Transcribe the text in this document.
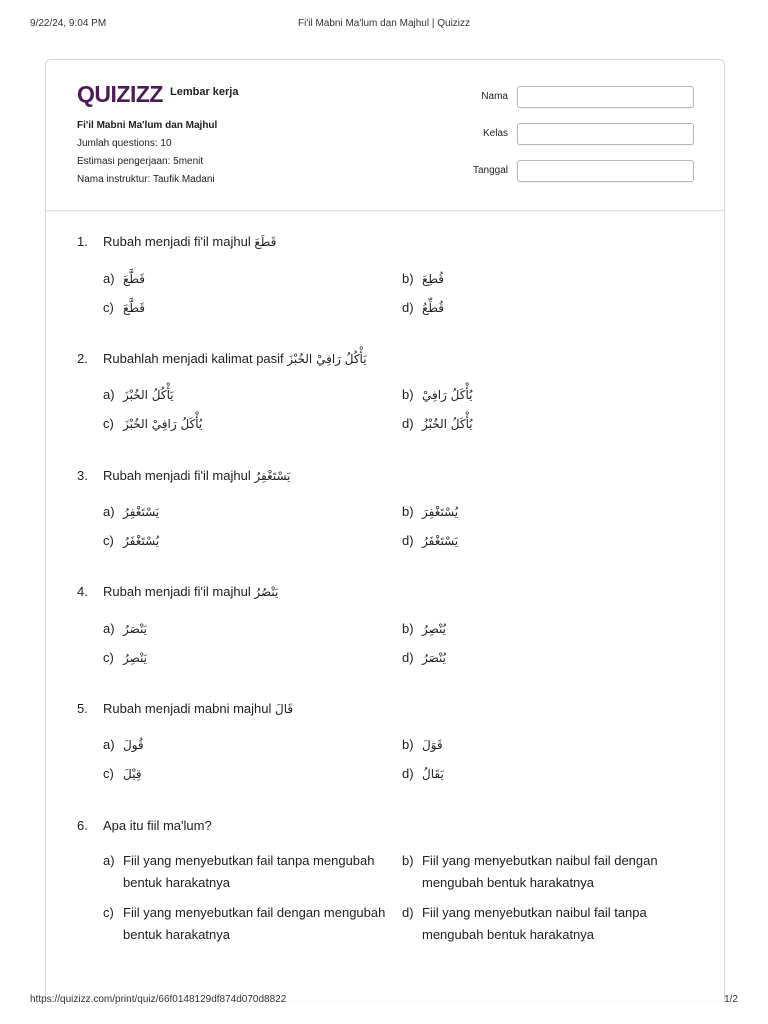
9/22/24, 9:04 PM	Fi'il Mabni Ma'lum dan Majhul | Quizizz
QUIZIZZ Lembar kerja
Fi'il Mabni Ma'lum dan Majhul
Jumlah questions: 10
Estimasi pengerjaan: 5menit
Nama instruktur: Taufik Madani
Nama
Kelas
Tanggal
1. Rubah menjadi fi'il majhul قَطَعَ
a) قَطَّعَ	b) قُطِعَ
c) قَطَّعَ	d) قُطِّعُ
2. Rubahlah menjadi kalimat pasif يَأْكُلُ رَافِيْ الخُبْزَ
a) يَأْكُلُ الخُبْزَ	b) يُأْكَلُ رَافِيْ
c) يُأْكَلُ رَافِيْ الخُبْزَ	d) يُأْكَلُ الخُبْزُ
3. Rubah menjadi fi'il majhul يَسْتَغْفِرُ
a) يَسْتَغْفِرُ	b) يُسْتَغْفِرَ
c) يُسْتَغْفَرُ	d) يَسْتَغْفَرُ
4. Rubah menjadi fi'il majhul يَنْصُرُ
a) يَنْصَرُ	b) يُنْصِرُ
c) يَنْصِرُ	d) يُنْصَرُ
5. Rubah menjadi mabni majhul قَالَ
a) قُولَ	b) قَوَلَ
c) قِيْلَ	d) يَقَالُ
6. Apa itu fiil ma'lum?
a) Fiil yang menyebutkan fail tanpa mengubah bentuk harakatnya
b) Fiil yang menyebutkan naibul fail dengan mengubah bentuk harakatnya
c) Fiil yang menyebutkan fail dengan mengubah bentuk harakatnya
d) Fiil yang menyebutkan naibul fail tanpa mengubah bentuk harakatnya
https://quizizz.com/print/quiz/66f0148129df874d070d8822	1/2
